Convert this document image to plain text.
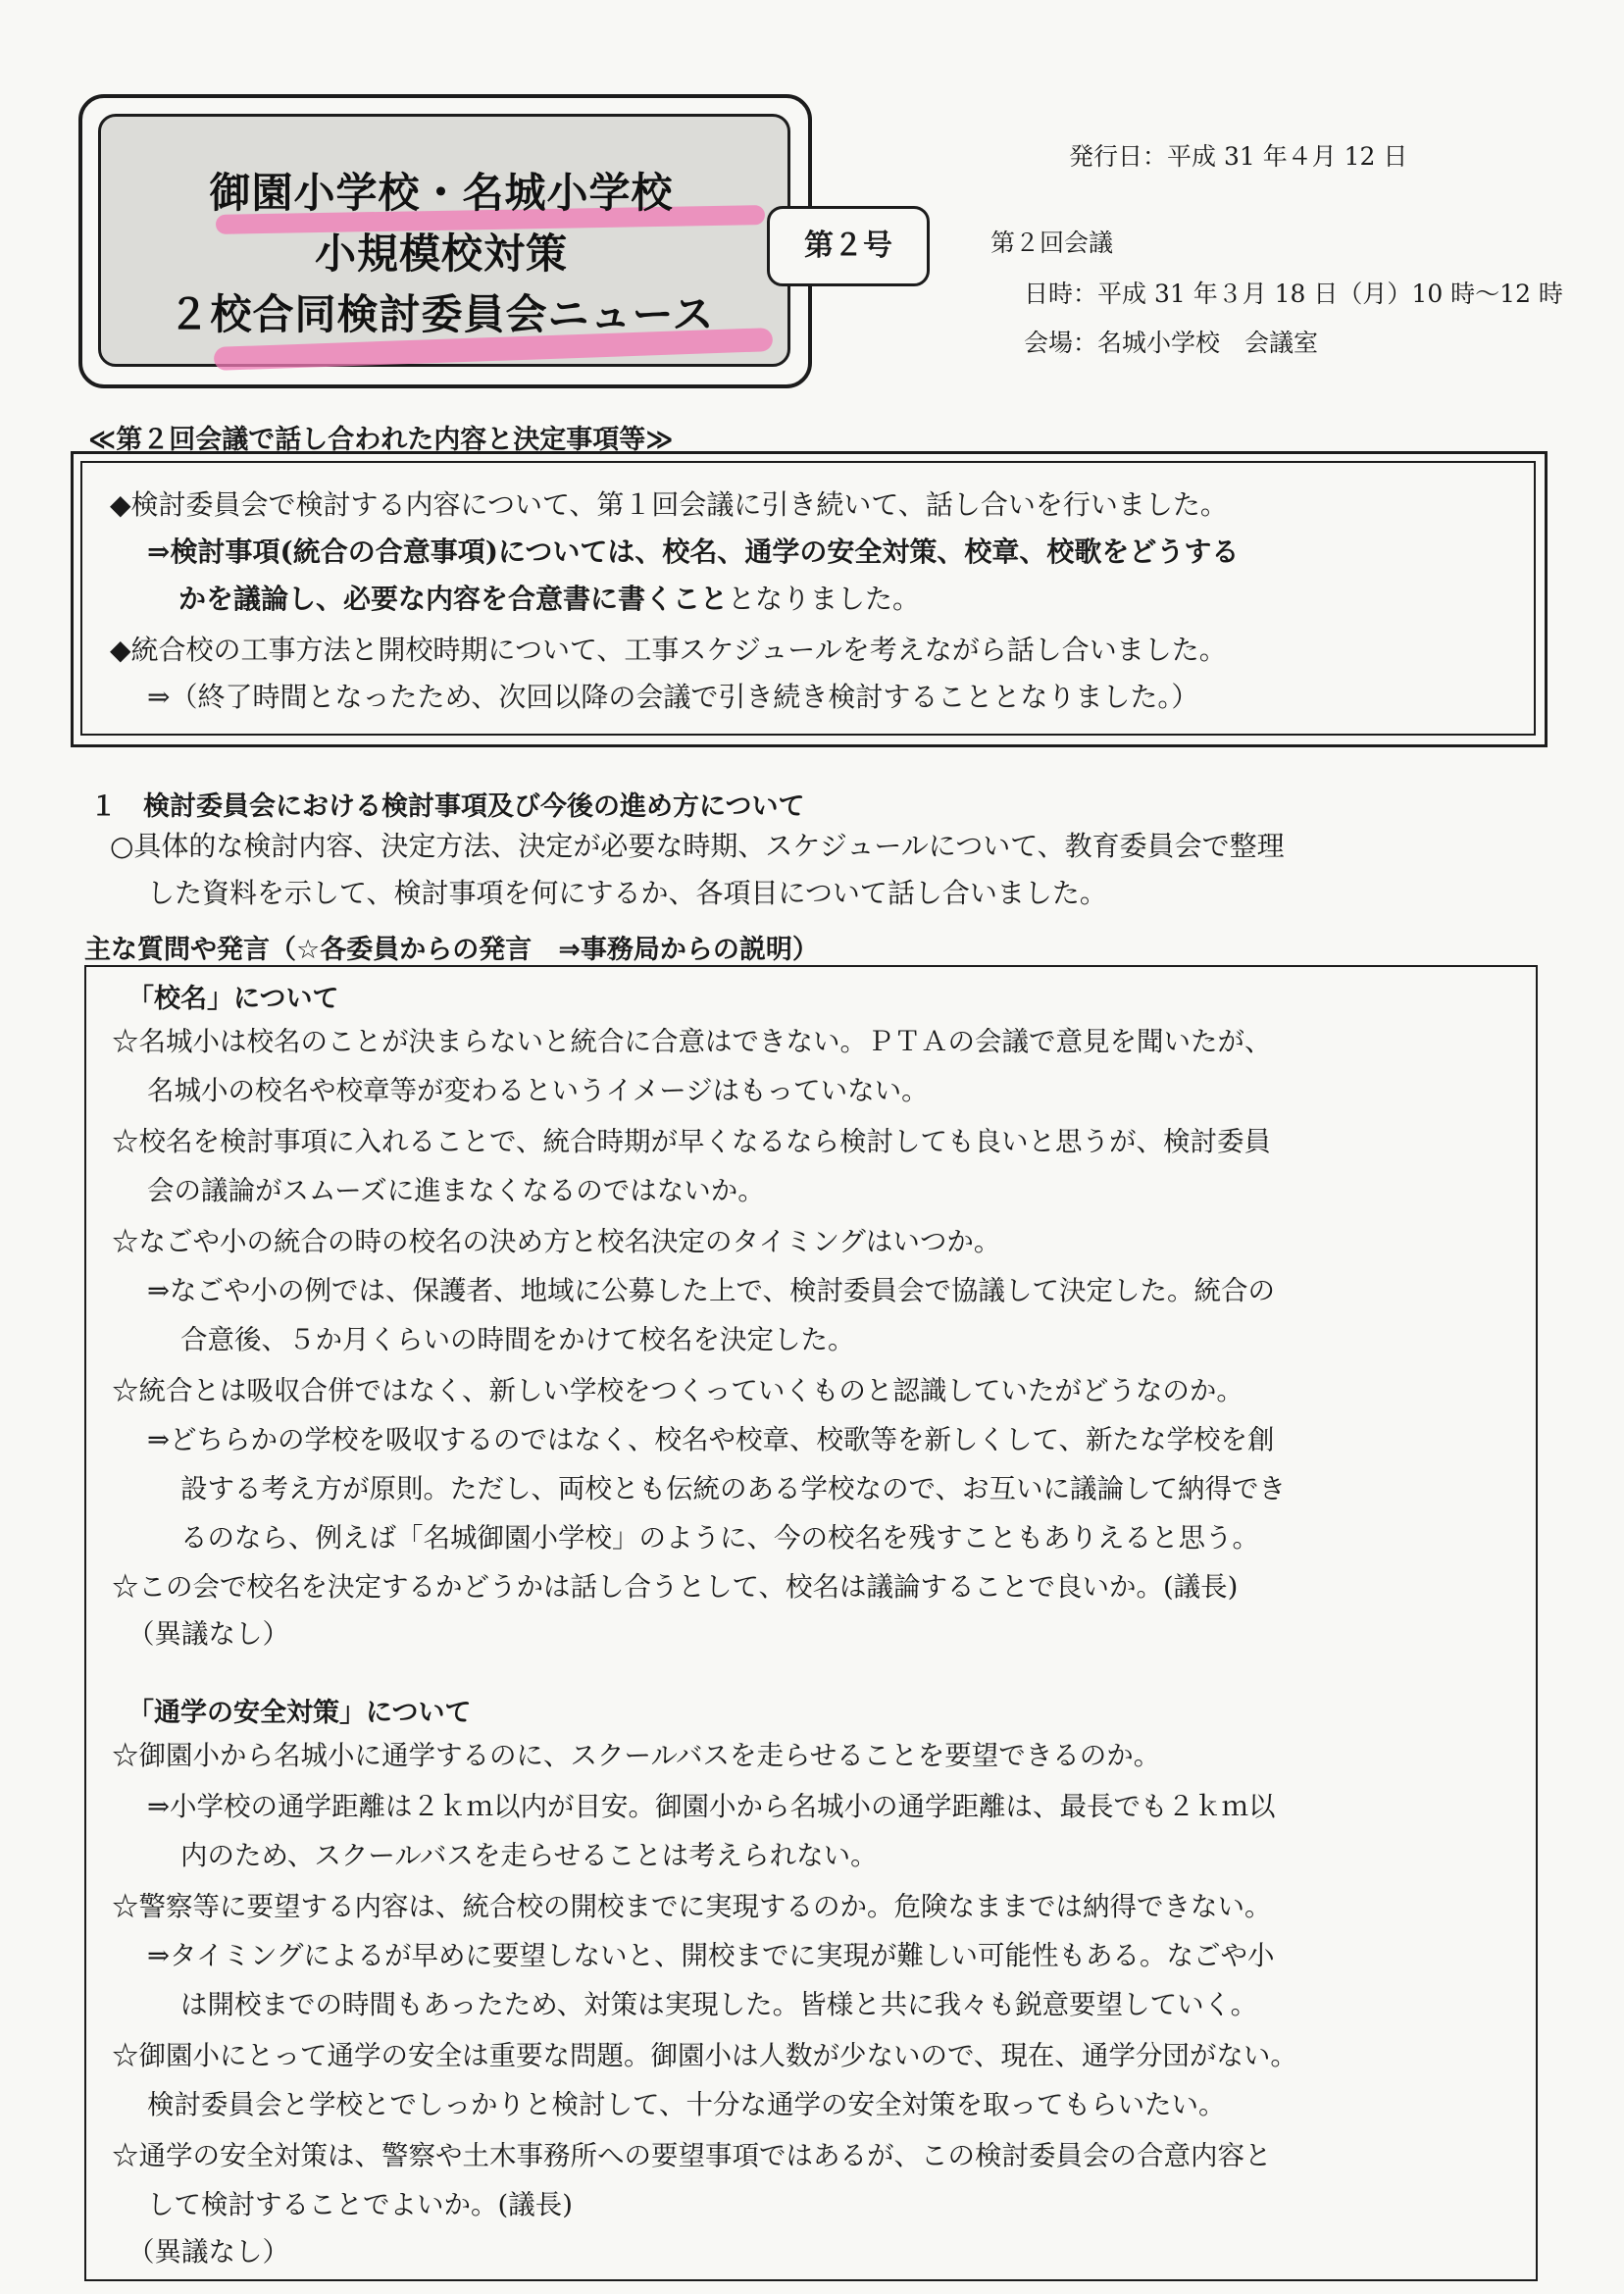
御園小学校・名城小学校
小規模校対策
２校合同検討委員会ニュース
第２号
発行日：平成 31 年４月 12 日
第２回会議
日時：平成 31 年３月 18 日（月）10 時～12 時
会場：名城小学校　会議室
≪第２回会議で話し合われた内容と決定事項等≫
◆検討委員会で検討する内容について、第１回会議に引き続いて、話し合いを行いました。
⇒検討事項(統合の合意事項)については、校名、通学の安全対策、校章、校歌をどうする
かを議論し、必要な内容を合意書に書くこととなりました。
◆統合校の工事方法と開校時期について、工事スケジュールを考えながら話し合いました。
⇒（終了時間となったため、次回以降の会議で引き続き検討することとなりました。）
１　検討委員会における検討事項及び今後の進め方について
○具体的な検討内容、決定方法、決定が必要な時期、スケジュールについて、教育委員会で整理
した資料を示して、検討事項を何にするか、各項目について話し合いました。
主な質問や発言（☆各委員からの発言　⇒事務局からの説明）
「校名」について
☆名城小は校名のことが決まらないと統合に合意はできない。ＰＴＡの会議で意見を聞いたが、
名城小の校名や校章等が変わるというイメージはもっていない。
☆校名を検討事項に入れることで、統合時期が早くなるなら検討しても良いと思うが、検討委員
会の議論がスムーズに進まなくなるのではないか。
☆なごや小の統合の時の校名の決め方と校名決定のタイミングはいつか。
⇒なごや小の例では、保護者、地域に公募した上で、検討委員会で協議して決定した。統合の
合意後、５か月くらいの時間をかけて校名を決定した。
☆統合とは吸収合併ではなく、新しい学校をつくっていくものと認識していたがどうなのか。
⇒どちらかの学校を吸収するのではなく、校名や校章、校歌等を新しくして、新たな学校を創
設する考え方が原則。ただし、両校とも伝統のある学校なので、お互いに議論して納得でき
るのなら、例えば「名城御園小学校」のように、今の校名を残すこともありえると思う。
☆この会で校名を決定するかどうかは話し合うとして、校名は議論することで良いか。(議長)
（異議なし）
「通学の安全対策」について
☆御園小から名城小に通学するのに、スクールバスを走らせることを要望できるのか。
⇒小学校の通学距離は２ｋｍ以内が目安。御園小から名城小の通学距離は、最長でも２ｋｍ以
内のため、スクールバスを走らせることは考えられない。
☆警察等に要望する内容は、統合校の開校までに実現するのか。危険なままでは納得できない。
⇒タイミングによるが早めに要望しないと、開校までに実現が難しい可能性もある。なごや小
は開校までの時間もあったため、対策は実現した。皆様と共に我々も鋭意要望していく。
☆御園小にとって通学の安全は重要な問題。御園小は人数が少ないので、現在、通学分団がない。
検討委員会と学校とでしっかりと検討して、十分な通学の安全対策を取ってもらいたい。
☆通学の安全対策は、警察や土木事務所への要望事項ではあるが、この検討委員会の合意内容と
して検討することでよいか。(議長)
（異議なし）
